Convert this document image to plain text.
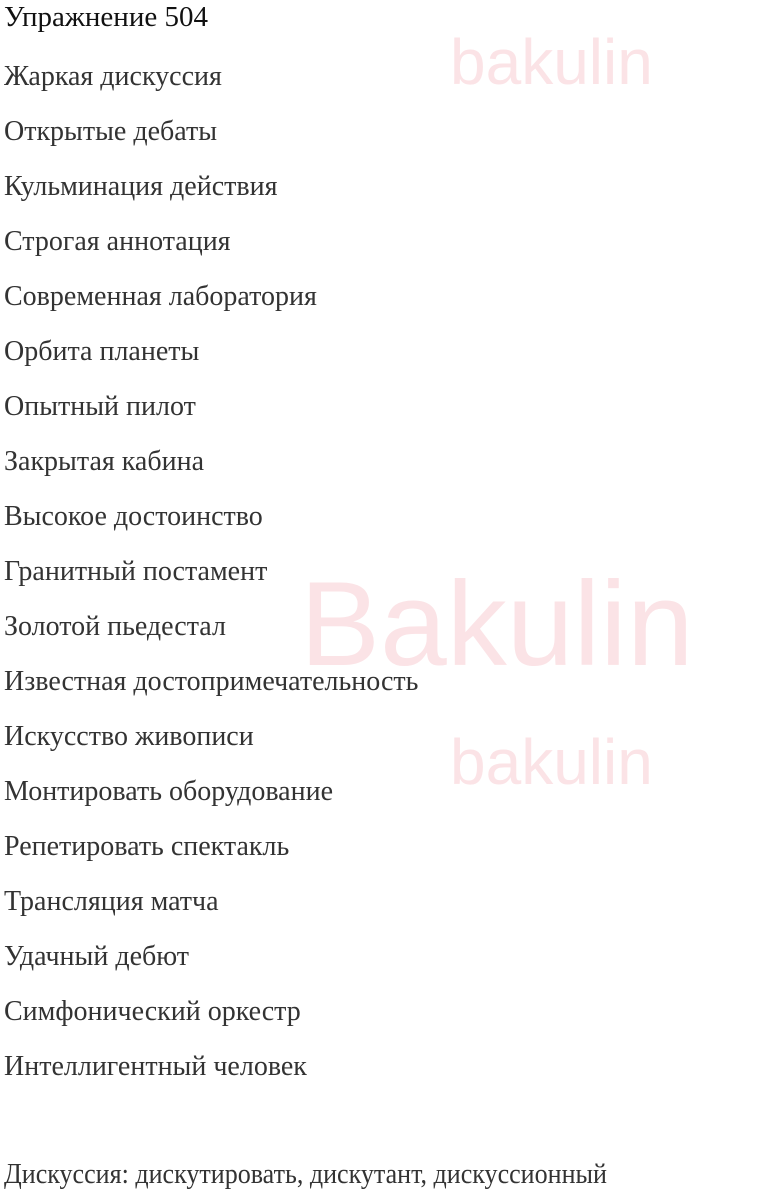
Bakulin
bakulin
bakulin
Упражнение 504
Жаркая дискуссия
Открытые дебаты
Кульминация действия
Строгая аннотация
Современная лаборатория
Орбита планеты
Опытный пилот
Закрытая кабина
Высокое достоинство
Гранитный постамент
Золотой пьедестал
Известная достопримечательность
Искусство живописи
Монтировать оборудование
Репетировать спектакль
Трансляция матча
Удачный дебют
Симфонический оркестр
Интеллигентный человек
Дискуссия: дискутировать, дискутант, дискуссионный
